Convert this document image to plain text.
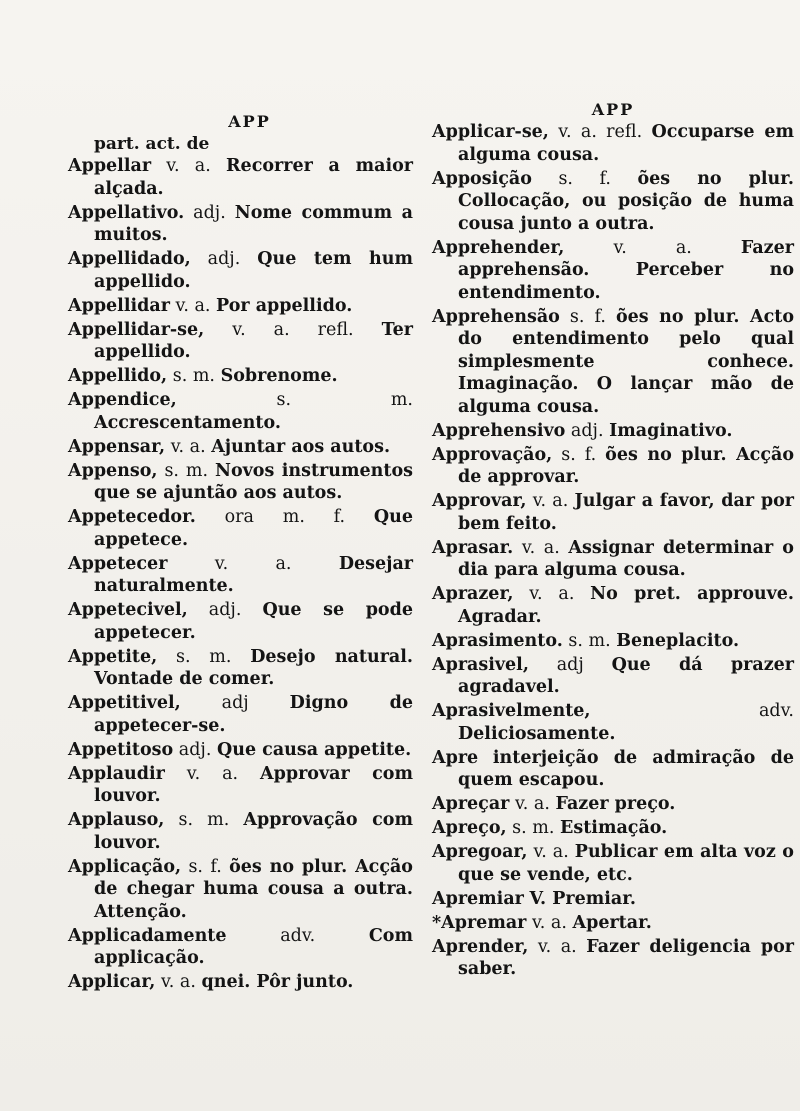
APP
part. act. de
Appellar v. a. Recorrer a maior alçada.
Appellativo. adj. Nome commum a muitos.
Appellidado, adj. Que tem hum appellido.
Appellidar v. a. Por appellido.
Appellidar-se, v. a. refl. Ter appellido.
Appellido, s. m. Sobrenome.
Appendice,	s. m. Accrescentamento.
Appensar, v. a. Ajuntar aos autos.
Appenso, s. m. Novos instrumentos que se ajuntão aos autos.
Appetecedor. ora m. f. Que appetece.
Appetecer	v. a.	Desejar naturalmente.
Appetecivel, adj. Que se pode appetecer.
Appetite, s. m. Desejo natural. Vontade de comer.
Appetitivel, adj Digno de appetecer-se.
Appetitoso adj. Que causa appetite.
Applaudir v. a. Approvar com louvor.
Applauso, s. m. Approvação com louvor.
Applicação, s. f. ões no plur. Acção de chegar huma cousa a outra. Attenção.
Applicadamente	adv.	Com applicação.
Applicar, v. a. qnei. Pôr junto.
APP
Applicar-se, v. a. refl. Occuparse em alguma cousa.
Apposição s. f. ões no plur. Collocação, ou posição de huma cousa junto a outra.
Apprehender,	v. a.	Fazer apprehensão. Perceber no entendimento.
Apprehensão s. f. ões no plur. Acto do entendimento pelo qual simplesmente conhece. Imaginação. O lançar mão de alguma cousa.
Apprehensivo adj. Imaginativo.
Approvação, s. f. ões no plur. Acção de approvar.
Approvar, v. a. Julgar a favor, dar por bem feito.
Aprasar. v. a. Assignar determinar o dia para alguma cousa.
Aprazer, v. a. No pret. approuve. Agradar.
Aprasimento. s. m. Beneplacito.
Aprasivel, adj Que dá prazer agradavel.
Aprasivelmente,	adv. Deliciosamente.
Apre interjeição de admiração de quem escapou.
Apreçar v. a. Fazer preço.
Apreço, s. m. Estimação.
Apregoar, v. a. Publicar em alta voz o que se vende, etc.
Apremiar V. Premiar.
*Apremar v. a. Apertar.
Aprender, v. a. Fazer deligencia por saber.
